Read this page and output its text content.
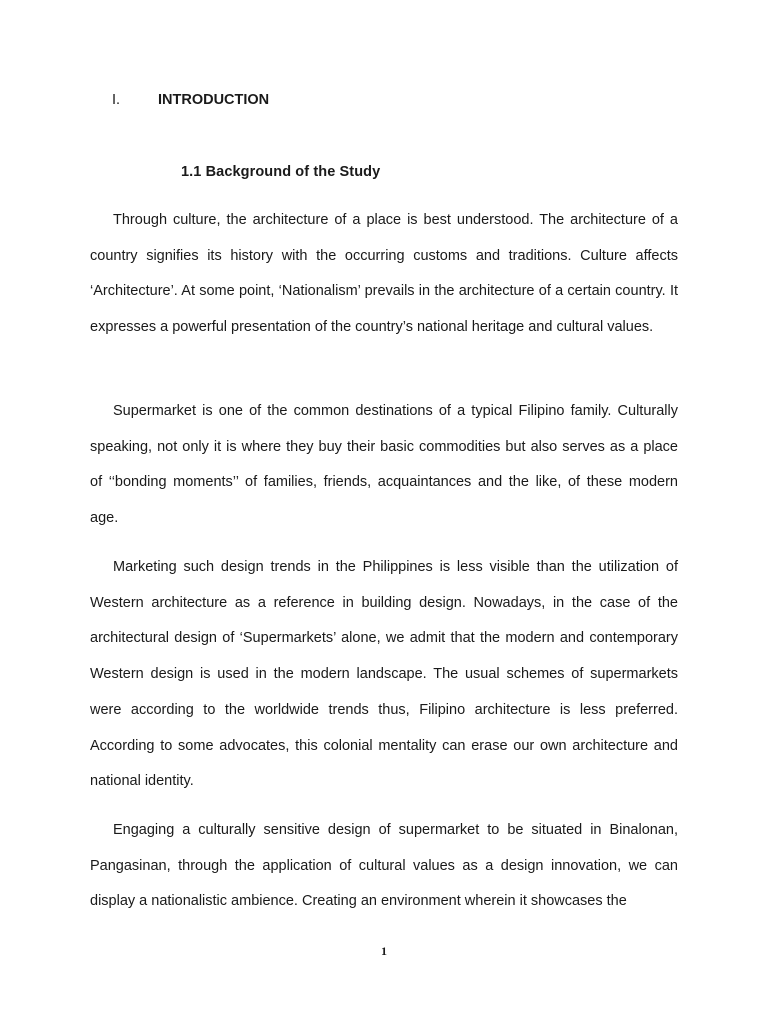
I.	INTRODUCTION
1.1 Background of the Study

Through culture, the architecture of a place is best understood. The architecture of a country signifies its history with the occurring customs and traditions. Culture affects ‘Architecture’. At some point, ‘Nationalism’ prevails in the architecture of a certain country. It expresses a powerful presentation of the country’s national heritage and cultural values.

Supermarket is one of the common destinations of a typical Filipino family. Culturally speaking, not only it is where they buy their basic commodities but also serves as a place of ‘‘bonding moments’’ of families, friends, acquaintances and the like, of these modern age.

Marketing such design trends in the Philippines is less visible than the utilization of Western architecture as a reference in building design. Nowadays, in the case of the architectural design of ‘Supermarkets’ alone, we admit that the modern and contemporary Western design is used in the modern landscape. The usual schemes of supermarkets were according to the worldwide trends thus, Filipino architecture is less preferred. According to some advocates, this colonial mentality can erase our own architecture and national identity.

Engaging a culturally sensitive design of supermarket to be situated in Binalonan, Pangasinan, through the application of cultural values as a design innovation, we can display a nationalistic ambience. Creating an environment wherein it showcases the

1
